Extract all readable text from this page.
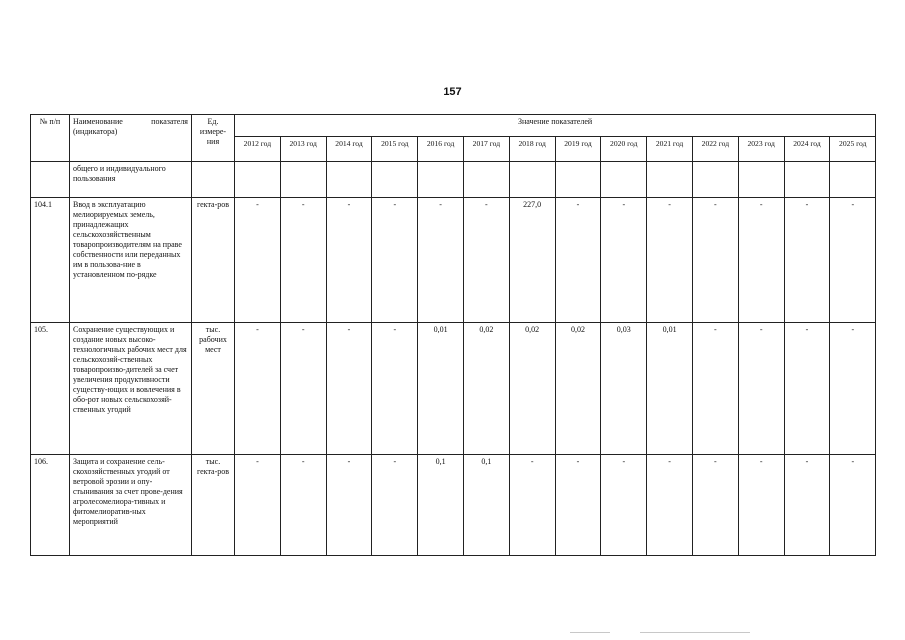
157
№ п/п	Наименование показателя (индикатора)	Ед. измере-ния	Значение показателей													
			2012 год	2013 год	2014 год	2015 год	2016 год	2017 год	2018 год	2019 год	2020 год	2021 год	2022 год	2023 год	2024 год	2025 год
	общего и индивидуального пользования															
104.1	Ввод в эксплуатацию мелиорируемых земель, принадлежащих сельскохозяйственным товаропроизводителям на праве собственности или переданных им в пользова-ние в установленном по-рядке	гекта-ров	-	-	-	-	-	-	227,0	-	-	-	-	-	-	-
105.	Сохранение существующих и создание новых высоко-технологичных рабочих мест для сельскохозяй-ственных товаропроизво-дителей за счет увеличения продуктивности существу-ющих и вовлечения в обо-рот новых сельскохозяй-ственных угодий	тыс. рабочих мест	-	-	-	-	0,01	0,02	0,02	0,02	0,03	0,01	-	-	-	-
106.	Защита и сохранение сель-скохозяйственных угодий от ветровой эрозии и опу-стынивания за счет прове-дения агролесомелиора-тивных и фитомелиоратив-ных мероприятий	тыс. гекта-ров	-	-	-	-	0,1	0,1	-	-	-	-	-	-	-	-
